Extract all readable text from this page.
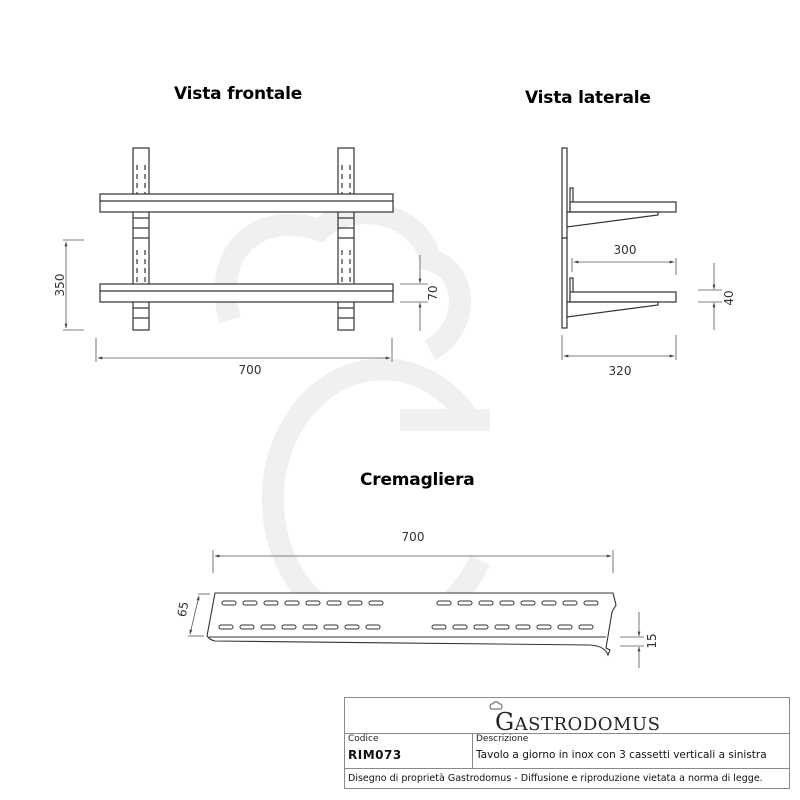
350
700
70
300
320
40
700
65
15
Vista frontale	Vista laterale
Cremagliera
GASTRODOMUS
Codice
RIM073
Descrizione
Tavolo a giorno in inox con 3 cassetti verticali a sinistra
Disegno di proprietà Gastrodomus - Diffusione e riproduzione vietata a norma di legge.
